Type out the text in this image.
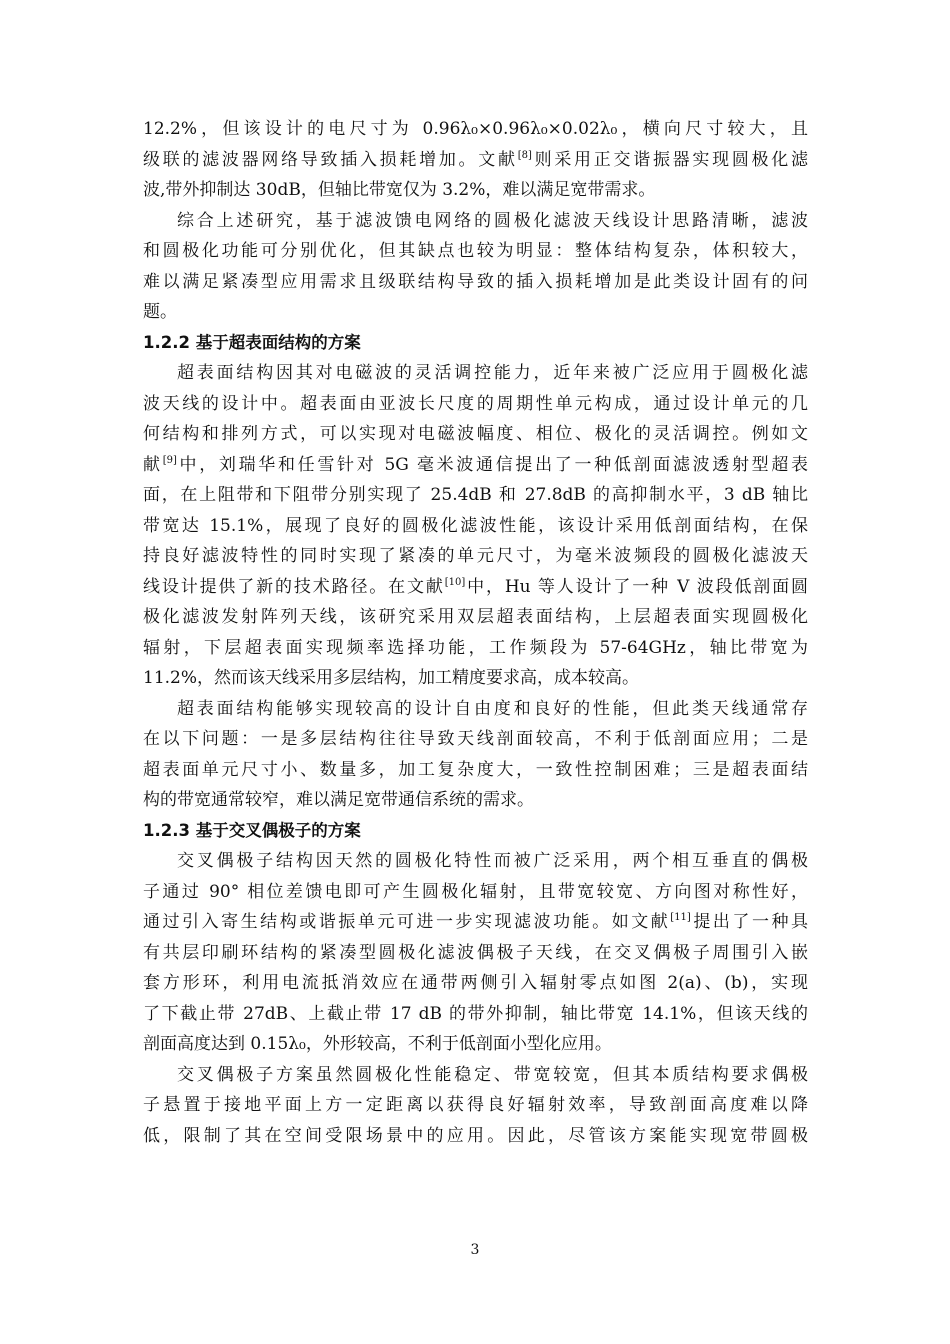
12.2%，但该设计的电尺寸为 0.96λ₀×0.96λ₀×0.02λ₀，横向尺寸较大，且
级联的滤波器网络导致插入损耗增加。文献[8]则采用正交谐振器实现圆极化滤
波,带外抑制达 30dB，但轴比带宽仅为 3.2%，难以满足宽带需求。
综合上述研究，基于滤波馈电网络的圆极化滤波天线设计思路清晰，滤波
和圆极化功能可分别优化，但其缺点也较为明显：整体结构复杂，体积较大，
难以满足紧凑型应用需求且级联结构导致的插入损耗增加是此类设计固有的问
题。
1.2.2 基于超表面结构的方案
超表面结构因其对电磁波的灵活调控能力，近年来被广泛应用于圆极化滤
波天线的设计中。超表面由亚波长尺度的周期性单元构成，通过设计单元的几
何结构和排列方式，可以实现对电磁波幅度、相位、极化的灵活调控。例如文
献[9]中，刘瑞华和任雪针对 5G 毫米波通信提出了一种低剖面滤波透射型超表
面，在上阻带和下阻带分别实现了 25.4dB 和 27.8dB 的高抑制水平，3 dB 轴比
带宽达 15.1%，展现了良好的圆极化滤波性能，该设计采用低剖面结构，在保
持良好滤波特性的同时实现了紧凑的单元尺寸，为毫米波频段的圆极化滤波天
线设计提供了新的技术路径。在文献[10]中，Hu 等人设计了一种 V 波段低剖面圆
极化滤波发射阵列天线，该研究采用双层超表面结构，上层超表面实现圆极化
辐射，下层超表面实现频率选择功能，工作频段为 57-64GHz，轴比带宽为
11.2%，然而该天线采用多层结构，加工精度要求高，成本较高。
超表面结构能够实现较高的设计自由度和良好的性能，但此类天线通常存
在以下问题：一是多层结构往往导致天线剖面较高，不利于低剖面应用；二是
超表面单元尺寸小、数量多，加工复杂度大，一致性控制困难；三是超表面结
构的带宽通常较窄，难以满足宽带通信系统的需求。
1.2.3 基于交叉偶极子的方案
交叉偶极子结构因天然的圆极化特性而被广泛采用，两个相互垂直的偶极
子通过 90° 相位差馈电即可产生圆极化辐射，且带宽较宽、方向图对称性好，
通过引入寄生结构或谐振单元可进一步实现滤波功能。如文献[11]提出了一种具
有共层印刷环结构的紧凑型圆极化滤波偶极子天线，在交叉偶极子周围引入嵌
套方形环，利用电流抵消效应在通带两侧引入辐射零点如图 2(a)、(b)，实现
了下截止带 27dB、上截止带 17 dB 的带外抑制，轴比带宽 14.1%，但该天线的
剖面高度达到 0.15λ₀，外形较高，不利于低剖面小型化应用。
交叉偶极子方案虽然圆极化性能稳定、带宽较宽，但其本质结构要求偶极
子悬置于接地平面上方一定距离以获得良好辐射效率，导致剖面高度难以降
低，限制了其在空间受限场景中的应用。因此，尽管该方案能实现宽带圆极
3
